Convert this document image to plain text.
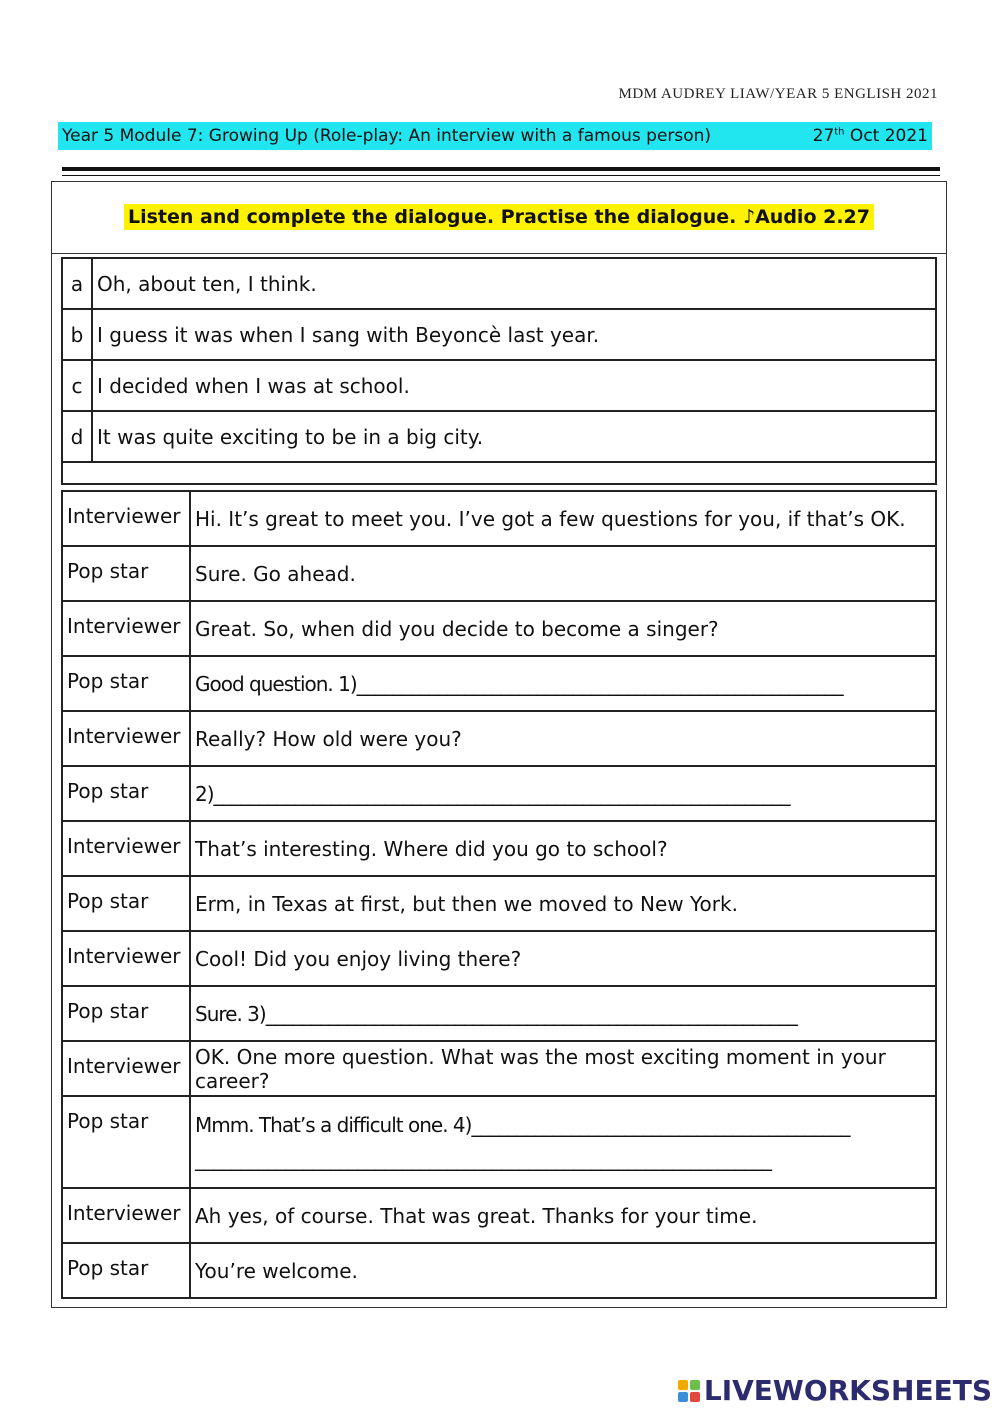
MDM AUDREY LIAW/YEAR 5 ENGLISH 2021
Year 5 Module 7: Growing Up (Role-play: An interview with a famous person)	27th Oct 2021
Listen and complete the dialogue. Practise the dialogue. ♪Audio 2.27
a	Oh, about ten, I think.
b	I guess it was when I sang with Beyoncè last year.
c	I decided when I was at school.
d	It was quite exciting to be in a big city.

Interviewer	Hi. It’s great to meet you. I’ve got a few questions for you, if that’s OK.
Pop star	Sure. Go ahead.
Interviewer	Great. So, when did you decide to become a singer?
Pop star	Good question. 1)______________________________________________________
Interviewer	Really? How old were you?
Pop star	2)________________________________________________________________
Interviewer	That’s interesting. Where did you go to school?
Pop star	Erm, in Texas at first, but then we moved to New York.
Interviewer	Cool! Did you enjoy living there?
Pop star	Sure. 3)___________________________________________________________
Interviewer	OK. One more question. What was the most exciting moment in your career?
Pop star	Mmm. That’s a difficult one. 4)__________________________________________
________________________________________________________________

Interviewer	Ah yes, of course. That was great. Thanks for your time.
Pop star	You’re welcome.
LIVEWORKSHEETS
